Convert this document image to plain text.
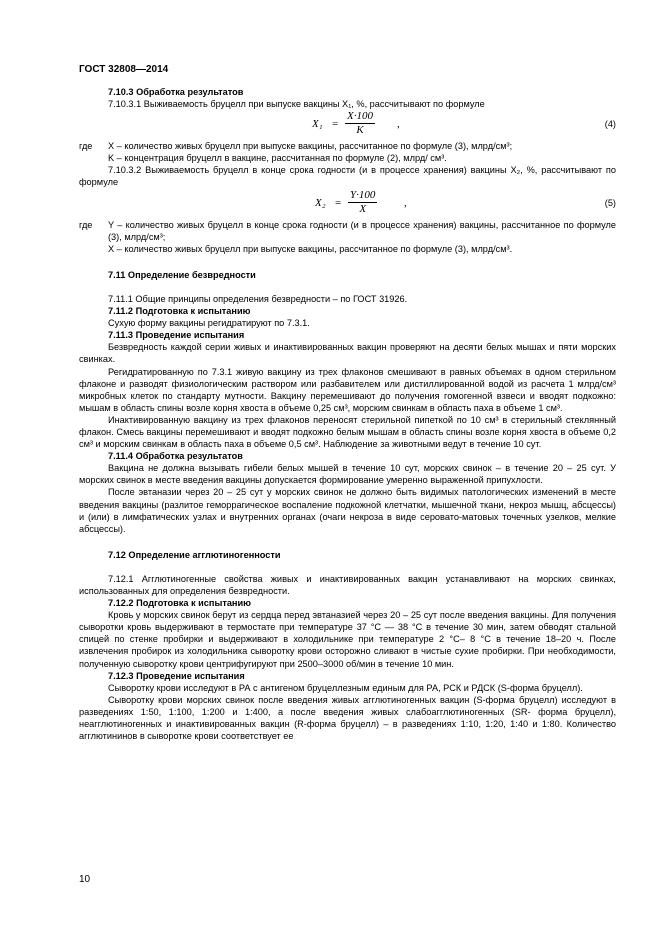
ГОСТ 32808—2014
7.10.3 Обработка результатов
7.10.3.1 Выживаемость бруцелл при выпуске вакцины X₁, %, рассчитывают по формуле
$X_1 = \frac{X\cdot 100}{K}$ ,	(4)
где	X – количество живых бруцелл при выпуске вакцины, рассчитанное по формуле (3), млрд/см³;
K – концентрация бруцелл в вакцине, рассчитанная по формуле (2), млрд/ см³.
7.10.3.2 Выживаемость бруцелл в конце срока годности (и в процессе хранения) вакцины X₂, %, рассчитывают по формуле
$X_2 = \frac{Y\cdot 100}{X}$ ,	(5)
где	Y – количество живых бруцелл в конце срока годности (и в процессе хранения) вакцины, рассчитанное по формуле (3), млрд/см³;
X – количество живых бруцелл при выпуске вакцины, рассчитанное по формуле (3), млрд/см³.
7.11 Определение безвредности
7.11.1 Общие принципы определения безвредности – по ГОСТ 31926.
7.11.2 Подготовка к испытанию
Сухую форму вакцины регидратируют по 7.3.1.
7.11.3 Проведение испытания
Безвредность каждой серии живых и инактивированных вакцин проверяют на десяти белых мышах и пяти морских свинках.
Регидратированную по 7.3.1 живую вакцину из трех флаконов смешивают в равных объемах в одном стерильном флаконе и разводят физиологическим раствором или разбавителем или дистиллированной водой из расчета 1 млрд/см³ микробных клеток по стандарту мутности. Вакцину перемешивают до получения гомогенной взвеси и вводят подкожно: мышам в область спины возле корня хвоста в объеме 0,25 см³, морским свинкам в область паха в объеме 1 см³.
Инактивированную вакцину из трех флаконов переносят стерильной пипеткой по 10 см³ в стерильный стеклянный флакон. Смесь вакцины перемешивают и вводят подкожно белым мышам в область спины возле корня хвоста в объеме 0,2 см³ и морским свинкам в область паха в объеме 0,5 см³. Наблюдение за животными ведут в течение 10 сут.
7.11.4 Обработка результатов
Вакцина не должна вызывать гибели белых мышей в течение 10 сут, морских свинок – в течение 20 – 25 сут. У морских свинок в месте введения вакцины допускается формирование умеренно выраженной припухлости.
После эвтаназии через 20 – 25 сут у морских свинок не должно быть видимых патологических изменений в месте введения вакцины (разлитое геморрагическое воспаление подкожной клетчатки, мышечной ткани, некроз мышц, абсцессы) и (или) в лимфатических узлах и внутренних органах (очаги некроза в виде серовато-матовых точечных узелков, мелкие абсцессы).
7.12 Определение агглютиногенности
7.12.1 Агглютиногенные свойства живых и инактивированных вакцин устанавливают на морских свинках, использованных для определения безвредности.
7.12.2 Подготовка к испытанию
Кровь у морских свинок берут из сердца перед эвтаназией через 20 – 25 сут после введения вакцины. Для получения сыворотки кровь выдерживают в термостате при температуре 37 °С — 38 °С в течение 30 мин, затем обводят стальной спицей по стенке пробирки и выдерживают в холодильнике при температуре 2 °С– 8 °С в течение 18–20 ч. После извлечения пробирок из холодильника сыворотку крови осторожно сливают в чистые сухие пробирки. При необходимости, полученную сыворотку крови центрифугируют при 2500–3000 об/мин в течение 10 мин.
7.12.3 Проведение испытания
Сыворотку крови исследуют в РА с антигеном бруцеллезным единым для РА, РСК и РДСК (S-форма бруцелл).
Сыворотку крови морских свинок после введения живых агглютиногенных вакцин (S-форма бруцелл) исследуют в разведениях 1:50, 1:100, 1:200 и 1:400, а после введения живых слабоагглютиногенных (SR- форма бруцелл), неагглютиногенных и инактивированных вакцин (R-форма бруцелл) – в разведениях 1:10, 1:20, 1:40 и 1:80. Количество агглютининов в сыворотке крови соответствует ее
10
